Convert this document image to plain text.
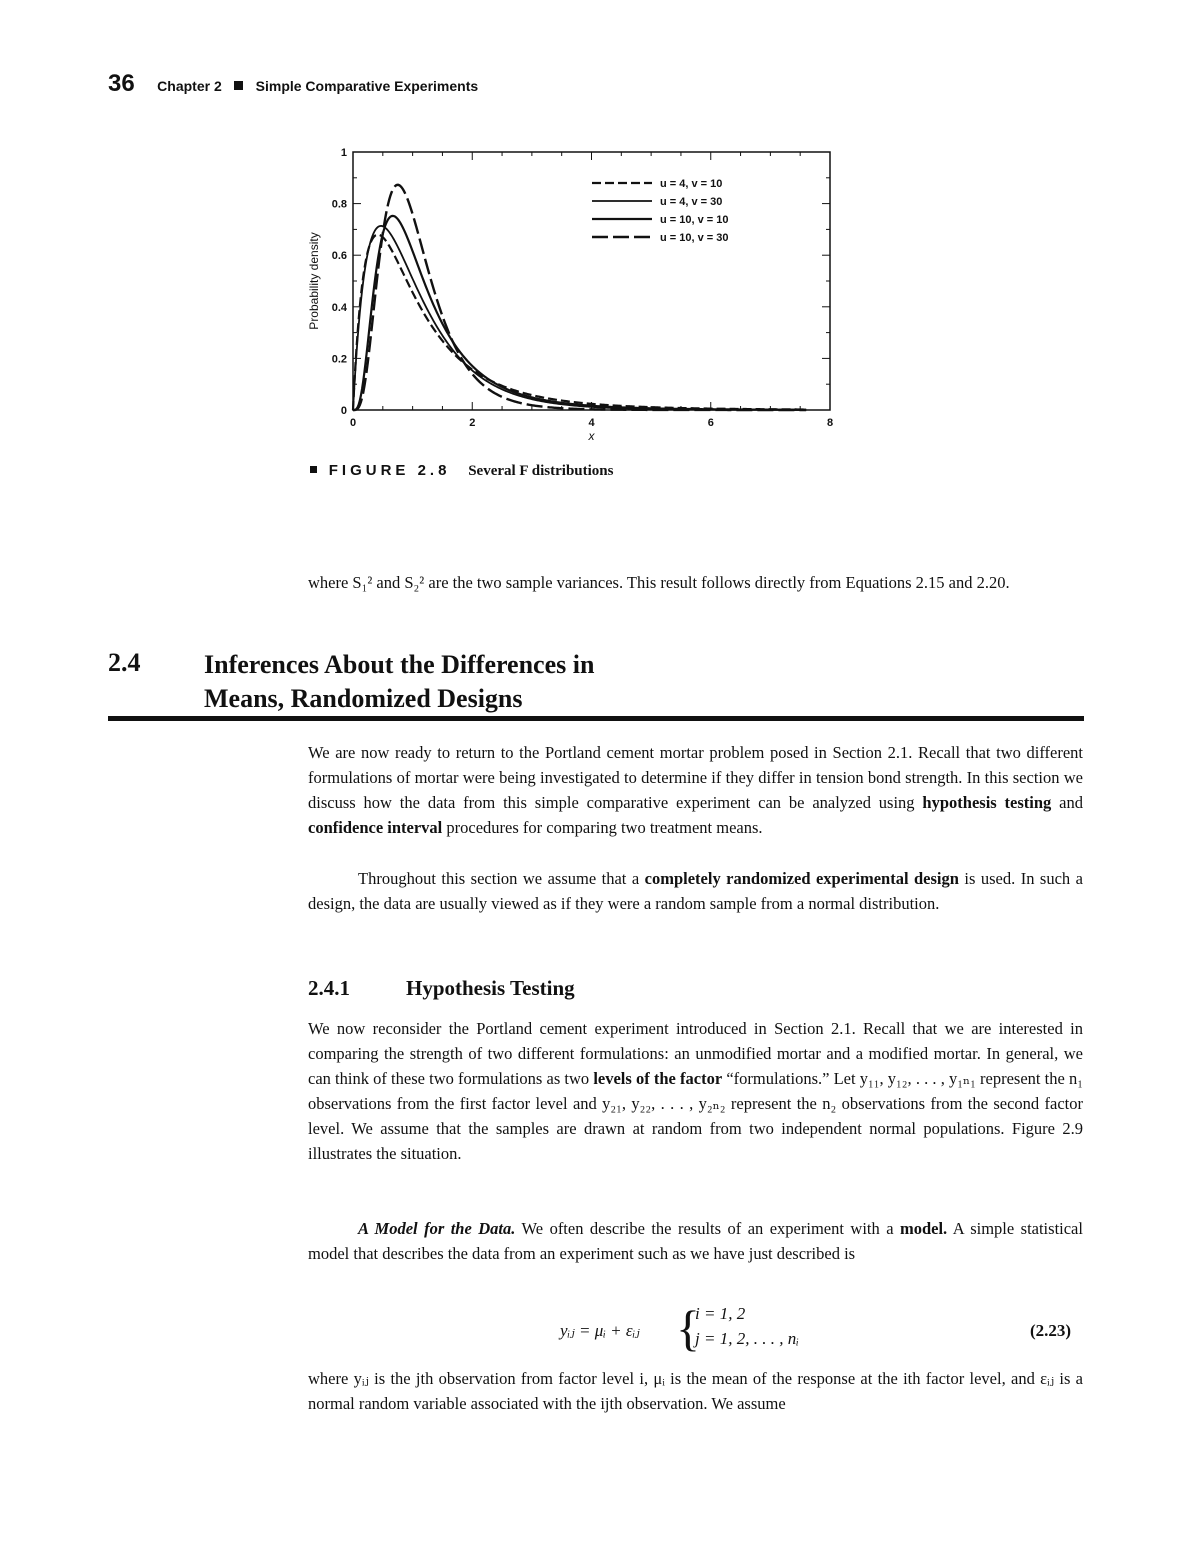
36 Chapter 2 Simple Comparative Experiments
0
0.2
0.4
0.6
0.8
1
0	2	4	6	8
x
Probability density
u = 4, v = 10
u = 4, v = 30
u = 10, v = 10
u = 10, v = 30
FIGURE 2.8 Several F distributions
where S₁² and S₂² are the two sample variances. This result follows directly from Equations 2.15 and 2.20.
2.4 Inferences About the Differences in
Means, Randomized Designs
We are now ready to return to the Portland cement mortar problem posed in Section 2.1. Recall that two different formulations of mortar were being investigated to determine if they differ in tension bond strength. In this section we discuss how the data from this simple comparative experiment can be analyzed using hypothesis testing and confidence interval procedures for comparing two treatment means.
Throughout this section we assume that a completely randomized experimental design is used. In such a design, the data are usually viewed as if they were a random sample from a normal distribution.
2.4.1	Hypothesis Testing
We now reconsider the Portland cement experiment introduced in Section 2.1. Recall that we are interested in comparing the strength of two different formulations: an unmodified mortar and a modified mortar. In general, we can think of these two formulations as two levels of the factor “formulations.” Let y₁₁, y₁₂, . . . , y₁ₙ₁ represent the n₁ observations from the first factor level and y₂₁, y₂₂, . . . , y₂ₙ₂ represent the n₂ observations from the second factor level. We assume that the samples are drawn at random from two independent normal populations. Figure 2.9 illustrates the situation.
A Model for the Data. We often describe the results of an experiment with a model. A simple statistical model that describes the data from an experiment such as we have just described is
yᵢⱼ = μᵢ + εᵢⱼ {
i = 1, 2
j = 1, 2, . . . , nᵢ	(2.23)
where yᵢⱼ is the jth observation from factor level i, μᵢ is the mean of the response at the ith factor level, and εᵢⱼ is a normal random variable associated with the ijth observation. We assume
